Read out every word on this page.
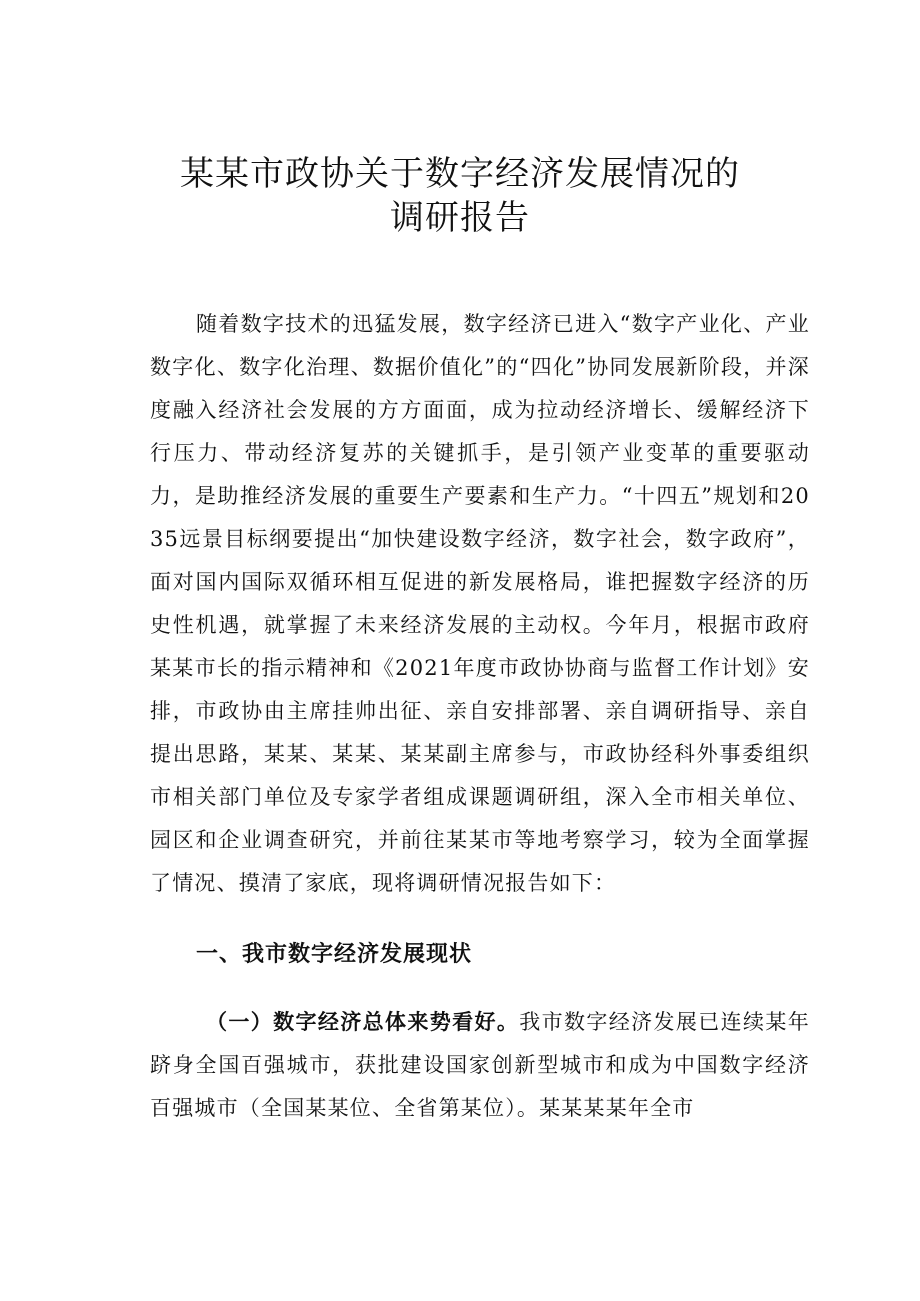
某某市政协关于数字经济发展情况的
调研报告

随着数字技术的迅猛发展，数字经济已进入“数字产业化、产业数字化、数字化治理、数据价值化”的“四化”协同发展新阶段，并深度融入经济社会发展的方方面面，成为拉动经济增长、缓解经济下行压力、带动经济复苏的关键抓手，是引领产业变革的重要驱动力，是助推经济发展的重要生产要素和生产力。“十四五”规划和2035远景目标纲要提出“加快建设数字经济，数字社会，数字政府”，面对国内国际双循环相互促进的新发展格局，谁把握数字经济的历史性机遇，就掌握了未来经济发展的主动权。今年月，根据市政府某某市长的指示精神和《2021年度市政协协商与监督工作计划》安排，市政协由主席挂帅出征、亲自安排部署、亲自调研指导、亲自提出思路，某某、某某、某某副主席参与，市政协经科外事委组织市相关部门单位及专家学者组成课题调研组，深入全市相关单位、园区和企业调查研究，并前往某某市等地考察学习，较为全面掌握了情况、摸清了家底，现将调研情况报告如下：

一、我市数字经济发展现状

（一）数字经济总体来势看好。我市数字经济发展已连续某年跻身全国百强城市，获批建设国家创新型城市和成为中国数字经济百强城市（全国某某位、全省第某位）。某某某某年全市
